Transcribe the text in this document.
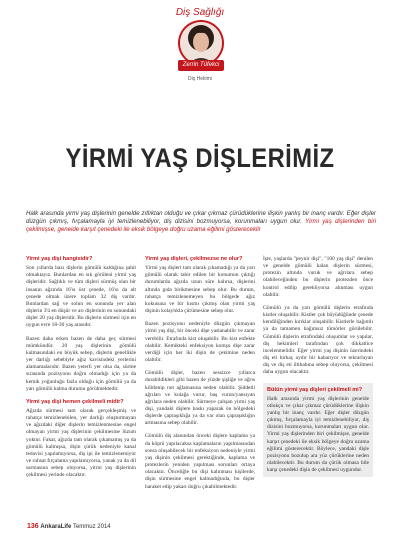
Diş Sağlığı
Zerrin Tüfekci
Diş Hekimi
YİRMİ YAŞ DİŞLERİMİZ
Halk arasında yirmi yaş dişlerinin genelde zıtlıktan olduğu ve çıkar çıkmaz çürüdüklerine ilişkin yanlış bir inanç vardır. Eğer dişler düzgün çıkmış, fırçalamayla iyi temizlenebiliyor, diş dizisini bozmuyorsa, korunmaları uygun olur. Yirmi yaş dişlerinden biri çekilmişse, geneide karşıt çenedeki ile eksik bölgeye doğru uzama eğilimi göstereceklir
Yirmi yaş dişi hangisidir?
Son yıllarda bazı dişlerin gömülü kaldığına şahit olmaktayız. Bunlardan en sık görüleni yirmi yaş dişleridir. Sağlıklı ve tüm dişleri sürmüş olan bir insanın ağzında 16'sı üst çenede, 16'sı da alt çenede olmak üzere toplam 32 diş vardır. Bunlardan sağ ve solun en sonunda yer alan dişlerin 3'ü en düşür ve arı dişlerinin en sonundaki dişler 20 yaş dişleridir. Bu dişlerin sürmesi için en uygun evre 18-30 yaş arasıdır.
Bazen daha erken bazen de daha geç sürmesi mümkündür. 20 yaş dişlerinin gömülü kalmasındaki en büyük sebep, dişlerin genellikle yer darlığı sebebiyle ağız kavisindeki yerlerini alamamalarıdır. Bazen yeterli yer olsa da, sürme sırasında pozisyonu doğru olmadığı için ya da kemik yoğunluğu fazla olduğu için gömülü ya da yarı gömülü kalma durumu görülmektedir.
Yirmi yaş dişi hemen çekilmeli midir?
Ağızda sürmesi tam olarak gerçekleşmiş ve rahatça temizlenebilen, yer darlığı oluşturmayan ve ağızdaki diğer dişlerin temizlenmesine engel olmayan yirmi yaş dişlerinin çekilmesine lüzum yoktur. Fakat, ağızda tam olarak çıkamamış ya da gömülü kalmışsa, dişin çürük nedeniyle kanal tedavisi yapılamıyorsa, diş ipi ile temizlenemiyor ve ruhsat fırçalama yapılamıyorsa, yanak ya da dil sarmasına sebep oluyorsa, yirmi yaş dişlerinin çekilmesi yerinde olacaktır.
Yirmi yaş dişleri, çekilmezse ne olur?
Yirmi yaş dişleri tam olarak çıkamadığı ya da yarı gömülü olarak tabir edilen bir konumun çıktığı durumlarda ağızda uzun süre kalırsa, dişlerini altında gıda birikmesine sebep olur. Bu durum, rahatça temizlenemeyen bu bölgede ağız kokusuna ve bir kısmı çıkmış olan yirmi yaş dişinin kolaylıkla çürümesine sebep olur.
Bazen pozisyonu nedeniyle düzgün çıkmayan yirmi yaş dişi, bir önceki dişe yaslanabilir ve zarar verebilir. Etrafında kist oluşabilir. Bu kist enfekte olabilir. Kemikteki enfeksiyon komşu dişe zarar verdiği için her iki dişin de çekimine neden olabilir.
Gömülü dişler, bazen sessizce yıllarca durabildikleri gibi bazen de yüzde şişliğe ve ağrıs kilitlenip not ağlamasına neden olabilir. Şiddetli ağrıları ve kulağa vurur, baş vurun/yansıyan ağrılara neden olabilir. Sürmeye çalışan yirmi yaş dişi, yandaki dişlere baskı yaparak ön bölgedeki dişlerde çapraşıklığa ya da var olan çapraşıklığın artmasına sebep olabilir.
Gömülü diş alanından önceki dişlere kaplama ya da köprü yapılacaksa kaplamaların yapılmasından sonra oluşabilecek bir enfeksiyon nedeniyle yirmi yaş dişinin çekilmesi gerektiğinde, kaplama ve protezlerin yeniden yapılması sorunları ortaya olacaktır. Önceliğle bu dişi kalınması kişilerde, dişin sürmesine engel kalmadığında, bu dişler haraket edip yakarı doğru çıkabilmektedir.
İşte, yaşlarda "peynir dişi", "100 yaş dişi" denilen ve genelde gömülü kalan dişlerin sürmesi, protezin altında vuruk ve ağrılara sebep olabileceğinden bu dişlerin protezden önce kontrol edilip gerekliyorsa alınması uygun olabilir.
Gömülü ya da yarı gömülü dişlerin etrafında kistler oluşabilir. Kistler çok büyüdüğünde çenede kendiliğinden kırıklar oluşabilir. Kistlerle bağımlı ya da tamamen bağımsız tümörler görülebilir. Gömülü dişlerin etrafındaki oluşumlar ve yapılar, diş hekimleri tarafından çok dikkatlice incelenmelidir. Eğer yirmi yaş dişinin üzerindeki diş eti birkaç aydır bir kabarıyor ve tekrarlayan diş ve diş eti iltihabına sebep oluyorsa, çekilmesi daha uygun olacaktır.
Bütün yirmi yaş dişleri çekilmeli mi?
Halk arasında yirmi yaş dişlerinin genelde otlukçu ve çıkar çıkmaz çürüdüklerine ilişkin yanlış bir inanç vardır. Eğer dişler düzgün çıkmış, fırçalamayla iyi temizlenebiliyor, diş dizisini bozmuyorsa, korunmaları uygun olur. Yirmi yaş dişlerinden biri çekilmişse, genelde karşıt çenedeki ile eksik bölgeye doğru uzama eğilimi gösterecektir. Böylece, yandaki dişle pozisyonu bozulup ara yüz çürüklerine neden olabilecektir. Bu durum da çürük olmasa bile karşı çenedeki dişin de çekilmesi uygundur.
136 AnkaraLife Temmuz 2014
